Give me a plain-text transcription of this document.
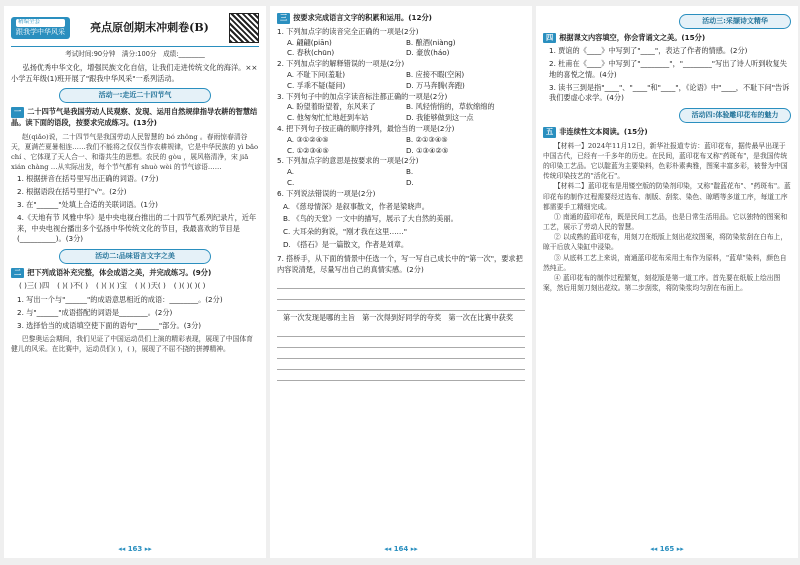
精编全套
跟我学中华风采	亮点原创期末冲刺卷(B)
考试时间:90分钟　满分:100分　成绩:________
弘扬优秀中华文化，增强民族文化自信，让我们走进传统文化的海洋。××小学五年级(1)班开展了"跟我中华风采"一系列活动。
活动一:走近二十四节气
一 二十四节气是我国劳动人民观察、发现、运用自然规律指导农耕的智慧结晶。读下面的语段，按要求完成练习。(13分)
赵(qiǎo)说，二十四节气是我国劳动人民智慧的 bó zhǒng 。春雨惊春清谷天，夏满芒夏暑相连……我们不能将之仅仅当作农耕规律，它是中华民族的 yì bǎo chí 、它体现了天人合一、和谐共生的思想。农民的 gòu ，展风格清净，宋 jiā xián chàng …从实际出发，每个节气都有 shuò wèi 的节气谚语……
1. 根据拼音在括号里写出正确的词语。(7分)
2. 根据语段在括号里打"√"。(2分)
3. 在"______"处填上合适的关联词语。(1分)
4.《天地有节 风雅中华》是中央电视台推出的二十四节气系列纪录片，近年来，中央电视台播出多个弘扬中华传统文化的节目，我最喜欢的节目是(__________)。(3分)
活动二:品味语言文字之美
二 把下列成语补充完整，体会成语之美，并完成练习。(9分)
( )三( )四 ( )( )不( ) ( )( )( )宝 ( )( )天( ) ( )( )( )( )
1. 写出一个与"______"的成语意思相近的成语：________。(2分)
2. 与"______"成语搭配的词语是________。(2分)
3. 选择恰当的成语填空使下面的语句"______"部分。(3分)
巴黎奥运会期间，我们见证了中国运动员们上演的精彩表现，展现了中国体育健儿的风采。在比赛中，运动员们( )，( )，展现了不屈不挠的拼搏精神。
◂◂ 163 ▸▸
三 按要求完成语言文字的积累和运用。(12分)
1. 下列加点字的读音完全正确的一项是(2分)
A. 翩翩(piān)	B. 酿酒(niàng)
C. 春秋(chūn)	D. 豪放(háo)
2. 下列加点字的解释错误的一项是(2分)
A. 不耻下问(羞耻)	B. 应接不暇(空闲)
C. 孚乖不疑(疑问)	D. 万马奔腾(奔跑)
3. 下列句子中的加点字读音标注都正确的一项是(2分)
A. 盼望着盼望着，东风来了	B. 风轻悄悄的，草软绵绵的
C. 他匆匆忙忙地赶到车站	D. 我能够做到这一点
4. 把下列句子按正确的顺序排列，最恰当的一项是(2分)
A. ③①②④⑤	B. ②①③④⑤
C. ①②③④⑤	D. ①③④②⑤
5. 下列加点字的意思是按要求的一项是(2分)
A.	B.
C.	D.
6. 下列说法错误的一项是(2分)
A. 《慈母情深》是叙事散文，作者是梁晓声。
B. 《鸟的天堂》一文中的描写，展示了大自然的美丽。
C. 大耳朵的狗说，"刚才我在这里……"
D. 《搭石》是一篇散文，作者是刘章。
7. 搭桥手，从下面的情景中任选一个，写一写自己成长中的"第一次"，要求把内容说清楚，尽量写出自己的真情实感。(2分)
第一次发现是哪的主旨　第一次得到好同学的夸奖　第一次在比赛中获奖
◂◂ 164 ▸▸
活动三:采撷诗文精华
四 根据课文内容填空，你会背诵文之美。(15分)
1. 贾谊的《____》中写到了"____"，表达了作者的情感。(2分)
2. 杜甫在《____》中写到了"________"，"________"写出了诗人听到收复失地的喜悦之情。(4分)
3. 读书三到是指"____"、"____"和"____"，《论语》中"____，不耻下问"告诉我们要虚心求学。(4分)
活动四:体验雕印花布的魅力
五 非连续性文本阅读。(15分)
【材料一】2024年11月12日，新华社报道专访：蓝印花布，据传最早出现于中国古代，已经有一千多年的历史。在民间，蓝印花布又称"药斑布"，是我国传统的印染工艺品。它以靛蓝为主要染料，色彩朴素典雅，图案丰富多彩，被誉为中国传统印染技艺的"活化石"。
【材料二】蓝印花布是用镂空版的防染剂印染，又称"靛蓝花布"、"药斑布"。蓝印花布的制作过程需要经过选布、制版、刮浆、染色、晾晒等多道工序，每道工序都需要手工精细完成。
① 南通的蓝印花布，既是民间工艺品，也是日常生活用品。它以独特的图案和工艺，展示了劳动人民的智慧。
② 以成熟的蓝印花布，用刻刀在纸版上刻出花纹图案，将防染浆刮在白布上，晾干后放入染缸中浸染。
③ 从底料工艺上来说，南通蓝印花布采用土布作为原料，"蓝草"染料，颜色自然纯正。
④ 蓝印花布的制作过程繁复，刻花版是第一道工序。首先要在纸版上绘出图案，然后用刻刀刻出花纹。第二步刮浆，将防染浆均匀刮在布面上。
◂◂ 165 ▸▸
